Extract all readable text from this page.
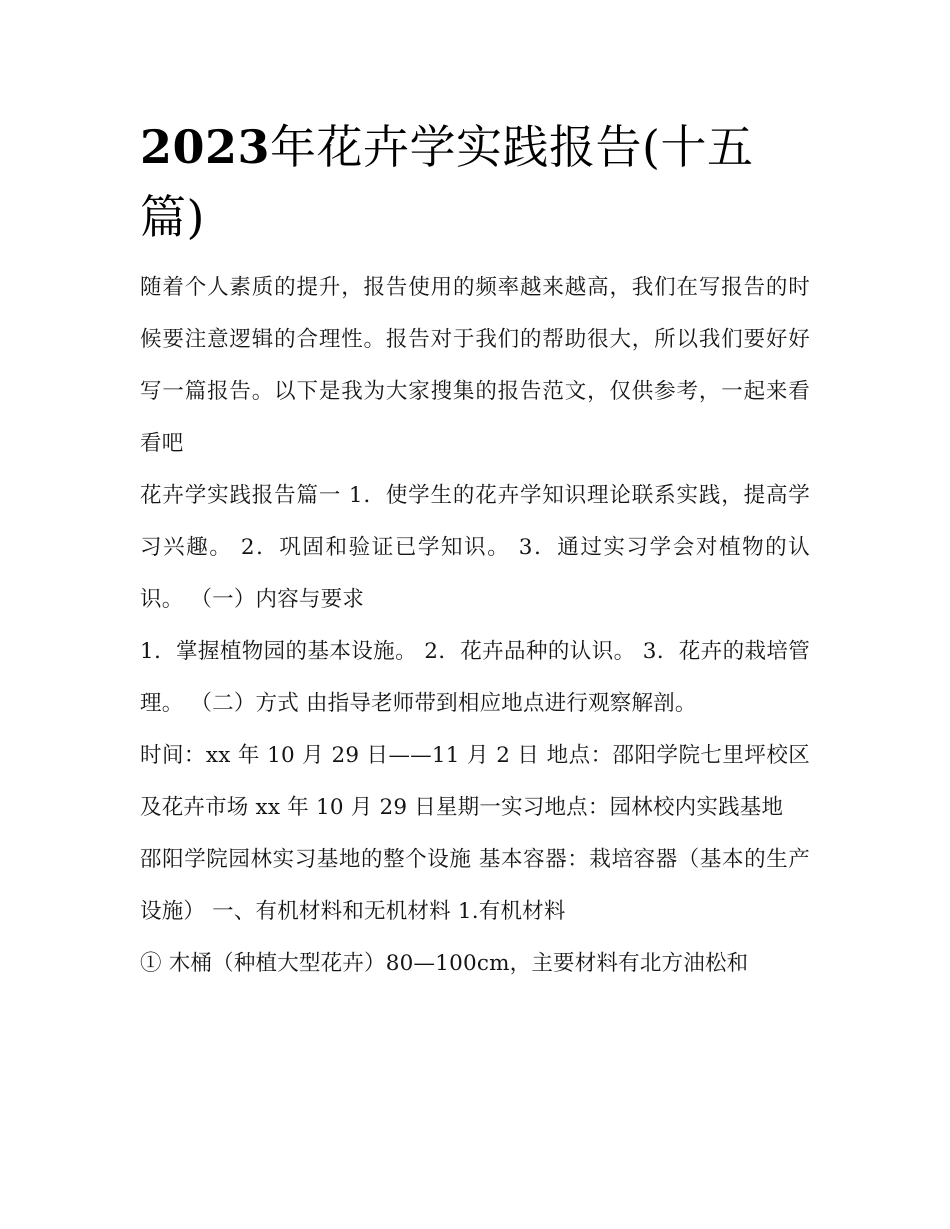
2023年花卉学实践报告(十五篇)

随着个人素质的提升，报告使用的频率越来越高，我们在写报告的时候要注意逻辑的合理性。报告对于我们的帮助很大，所以我们要好好写一篇报告。以下是我为大家搜集的报告范文，仅供参考，一起来看看吧

花卉学实践报告篇一 1．使学生的花卉学知识理论联系实践，提高学习兴趣。 2．巩固和验证已学知识。 3．通过实习学会对植物的认识。 （一）内容与要求

1．掌握植物园的基本设施。 2．花卉品种的认识。 3．花卉的栽培管理。 （二）方式 由指导老师带到相应地点进行观察解剖。

时间：xx 年 10 月 29 日——11 月 2 日 地点：邵阳学院七里坪校区及花卉市场 xx 年 10 月 29 日星期一实习地点：园林校内实践基地

邵阳学院园林实习基地的整个设施 基本容器：栽培容器（基本的生产设施） 一、有机材料和无机材料 1.有机材料

① 木桶（种植大型花卉）80—100cm，主要材料有北方油松和
